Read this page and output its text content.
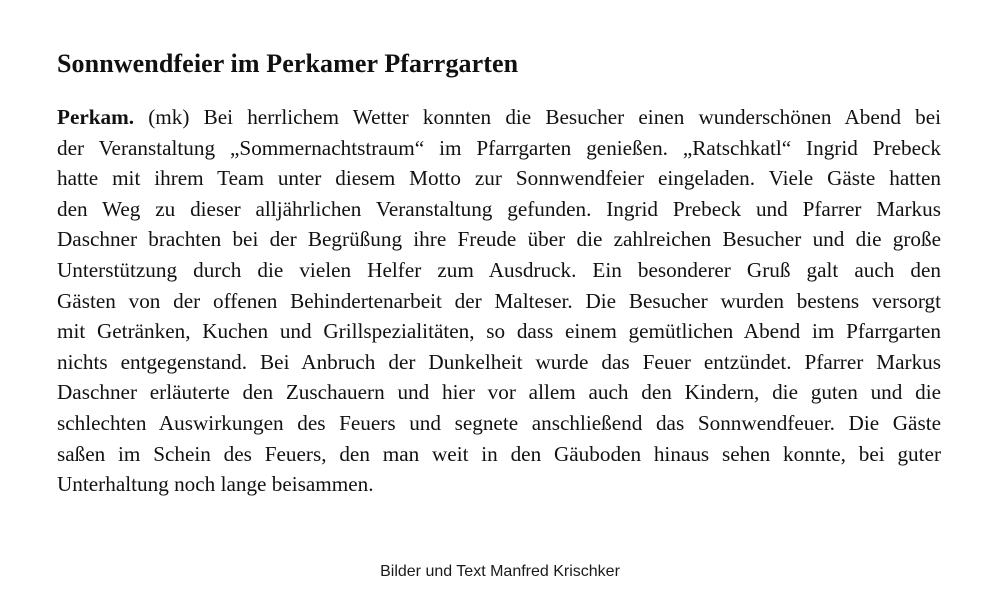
Sonnwendfeier im Perkamer Pfarrgarten
Perkam. (mk) Bei herrlichem Wetter konnten die Besucher einen wunderschönen Abend bei
der Veranstaltung „Sommernachtstraum“ im Pfarrgarten genießen. „Ratschkatl“ Ingrid Prebeck
hatte mit ihrem Team unter diesem Motto zur Sonnwendfeier eingeladen. Viele Gäste hatten
den Weg zu dieser alljährlichen Veranstaltung gefunden. Ingrid Prebeck und Pfarrer Markus
Daschner brachten bei der Begrüßung ihre Freude über die zahlreichen Besucher und die große
Unterstützung durch die vielen Helfer zum Ausdruck. Ein besonderer Gruß galt auch den
Gästen von der offenen Behindertenarbeit der Malteser. Die Besucher wurden bestens versorgt
mit Getränken, Kuchen und Grillspezialitäten, so dass einem gemütlichen Abend im Pfarrgarten
nichts entgegenstand. Bei Anbruch der Dunkelheit wurde das Feuer entzündet. Pfarrer Markus
Daschner erläuterte den Zuschauern und hier vor allem auch den Kindern, die guten und die
schlechten Auswirkungen des Feuers und segnete anschließend das Sonnwendfeuer. Die Gäste
saßen im Schein des Feuers, den man weit in den Gäuboden hinaus sehen konnte, bei guter
Unterhaltung noch lange beisammen.
Bilder und Text Manfred Krischker
